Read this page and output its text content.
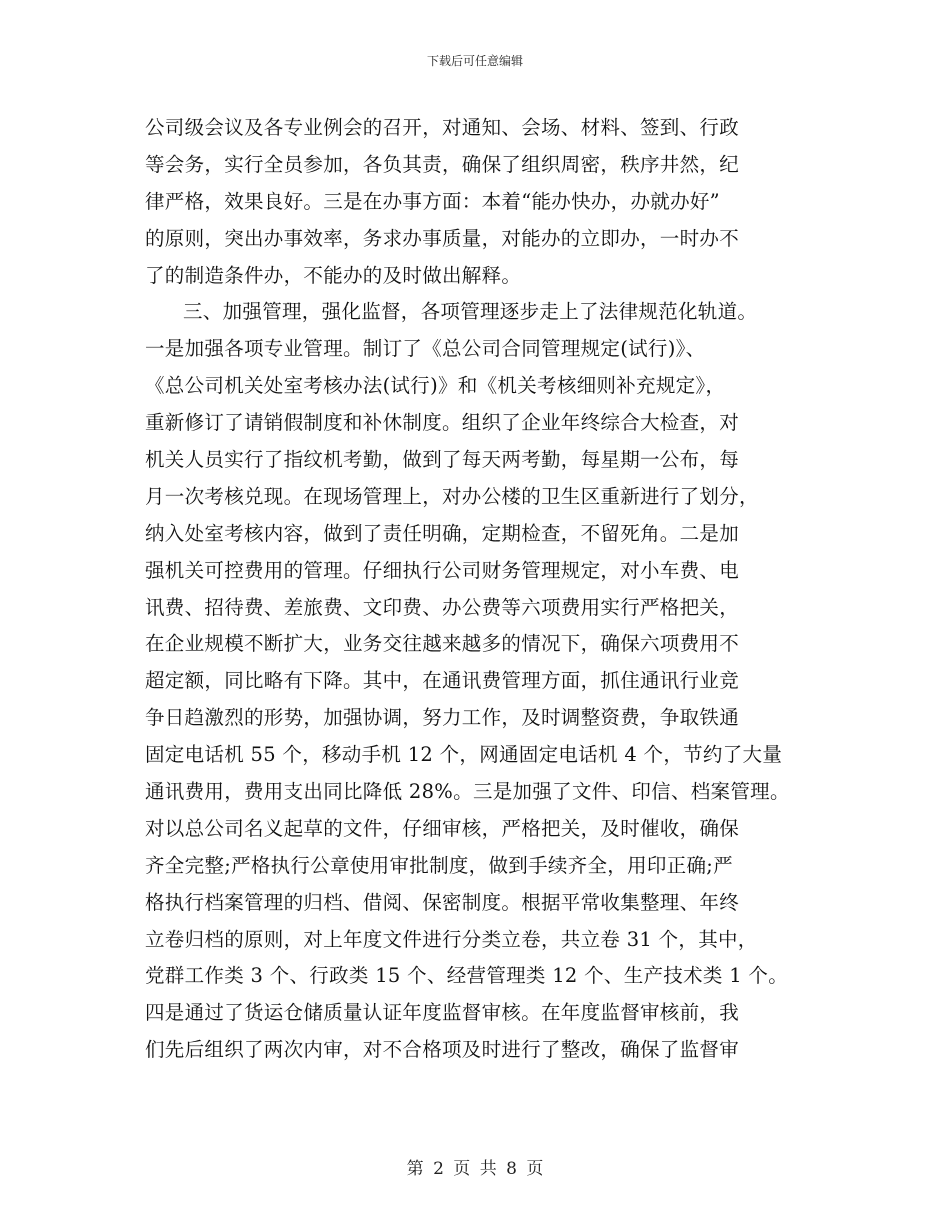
下载后可任意编辑
公司级会议及各专业例会的召开，对通知、会场、材料、签到、行政
等会务，实行全员参加，各负其责，确保了组织周密，秩序井然，纪
律严格，效果良好。三是在办事方面：本着“能办快办，办就办好”
的原则，突出办事效率，务求办事质量，对能办的立即办，一时办不
了的制造条件办，不能办的及时做出解释。
三、加强管理，强化监督，各项管理逐步走上了法律规范化轨道。
一是加强各项专业管理。制订了《总公司合同管理规定(试行)》、
《总公司机关处室考核办法(试行)》和《机关考核细则补充规定》，
重新修订了请销假制度和补休制度。组织了企业年终综合大检查，对
机关人员实行了指纹机考勤，做到了每天两考勤，每星期一公布，每
月一次考核兑现。在现场管理上，对办公楼的卫生区重新进行了划分，
纳入处室考核内容，做到了责任明确，定期检查，不留死角。二是加
强机关可控费用的管理。仔细执行公司财务管理规定，对小车费、电
讯费、招待费、差旅费、文印费、办公费等六项费用实行严格把关，
在企业规模不断扩大，业务交往越来越多的情况下，确保六项费用不
超定额，同比略有下降。其中，在通讯费管理方面，抓住通讯行业竞
争日趋激烈的形势，加强协调，努力工作，及时调整资费，争取铁通
固定电话机 55 个，移动手机 12 个，网通固定电话机 4 个，节约了大量
通讯费用，费用支出同比降低 28%。三是加强了文件、印信、档案管理。
对以总公司名义起草的文件，仔细审核，严格把关，及时催收，确保
齐全完整;严格执行公章使用审批制度，做到手续齐全，用印正确;严
格执行档案管理的归档、借阅、保密制度。根据平常收集整理、年终
立卷归档的原则，对上年度文件进行分类立卷，共立卷 31 个，其中，
党群工作类 3 个、行政类 15 个、经营管理类 12 个、生产技术类 1 个。
四是通过了货运仓储质量认证年度监督审核。在年度监督审核前，我
们先后组织了两次内审，对不合格项及时进行了整改，确保了监督审
第 2 页 共 8 页
